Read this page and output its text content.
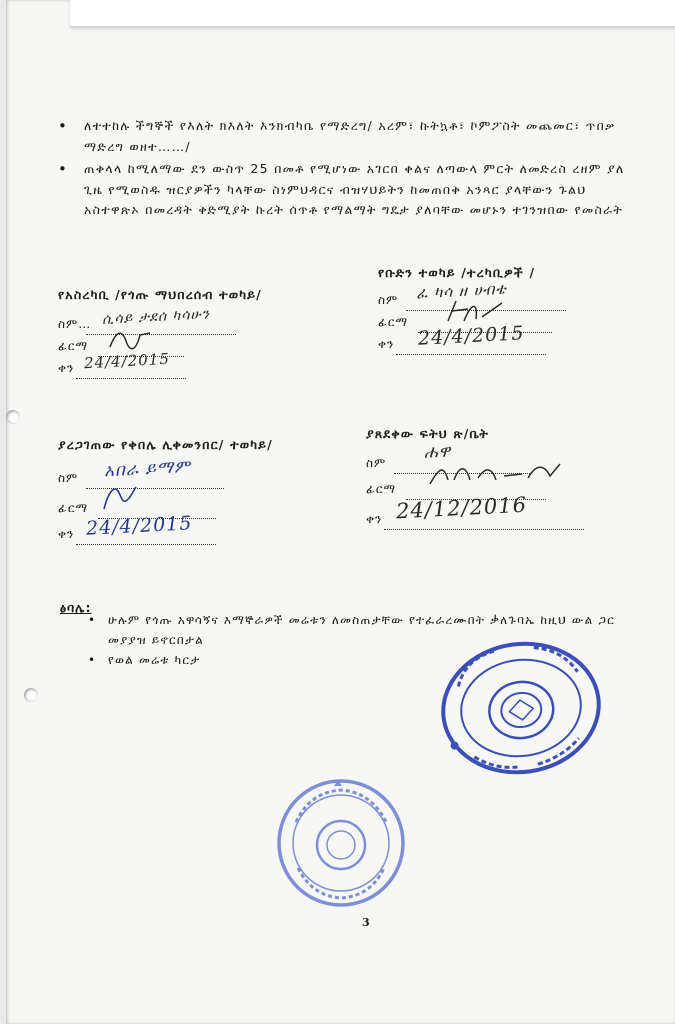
• ለተተከሉ ችግኞች የእለት ክእለት እንክብካቤ የማድረግ/ አረም፣ ኩትኳቶ፣ ኮምፖስት መጨመር፣ ጥበቃ ማድረግ ወዘተ……/
• ጠቅላላ ከሚለማው ደን ውስጥ 25 በመቶ የሚሆነው አገርበ ቀልና ለጣውላ ምርት ለመድረስ ረዘም ያለ ጊዜ የሚወስዱ ዝርያዎችን ካላቸው ስነምህዳርና ብዝሃህይትን ከመጠበቅ አንጻር ያላቸውን ጉልህ አስተዋጽኦ በመረዳት ቅድሚያት ኩረት ሰጥቶ የማልማት ግዴታ ያለባቸው መሆኑን ተገንዝበው የመስራት
የአስረካቢ /የጎጡ ማህበረሰብ ተወካይ/
ስም… ሲሳይ ታደሰ ካሳሁን
ፊርማ
ቀን 24/4/2015
የቡድን ተወካይ /ተረካቢዎች /
ስም ፈ ካሳ ዘ ሀብቴ
ፊርማ
ቀን 24/4/2015
ያረጋገጠው የቀበሌ ሊቀመንበር/ ተወካይ/
ስም አበራ ይማም
ፊርማ
ቀን 24/4/2015
ያጸደቀው ፍትህ ጽ/ቤት
ስም
ሐዋ
ፊርማ
ቀን 24/12/2016
ፅባሌ:
• ሁሉም የጎጡ አዋሳኝና እማኞራዎች መሬቱን ለመስጠታቸው የተፈራረሙበት ቃለጉባኤ ከዚህ ውል ጋር መያያዝ ይኖርበታል
• የወል መሬቱ ካርታ
3
